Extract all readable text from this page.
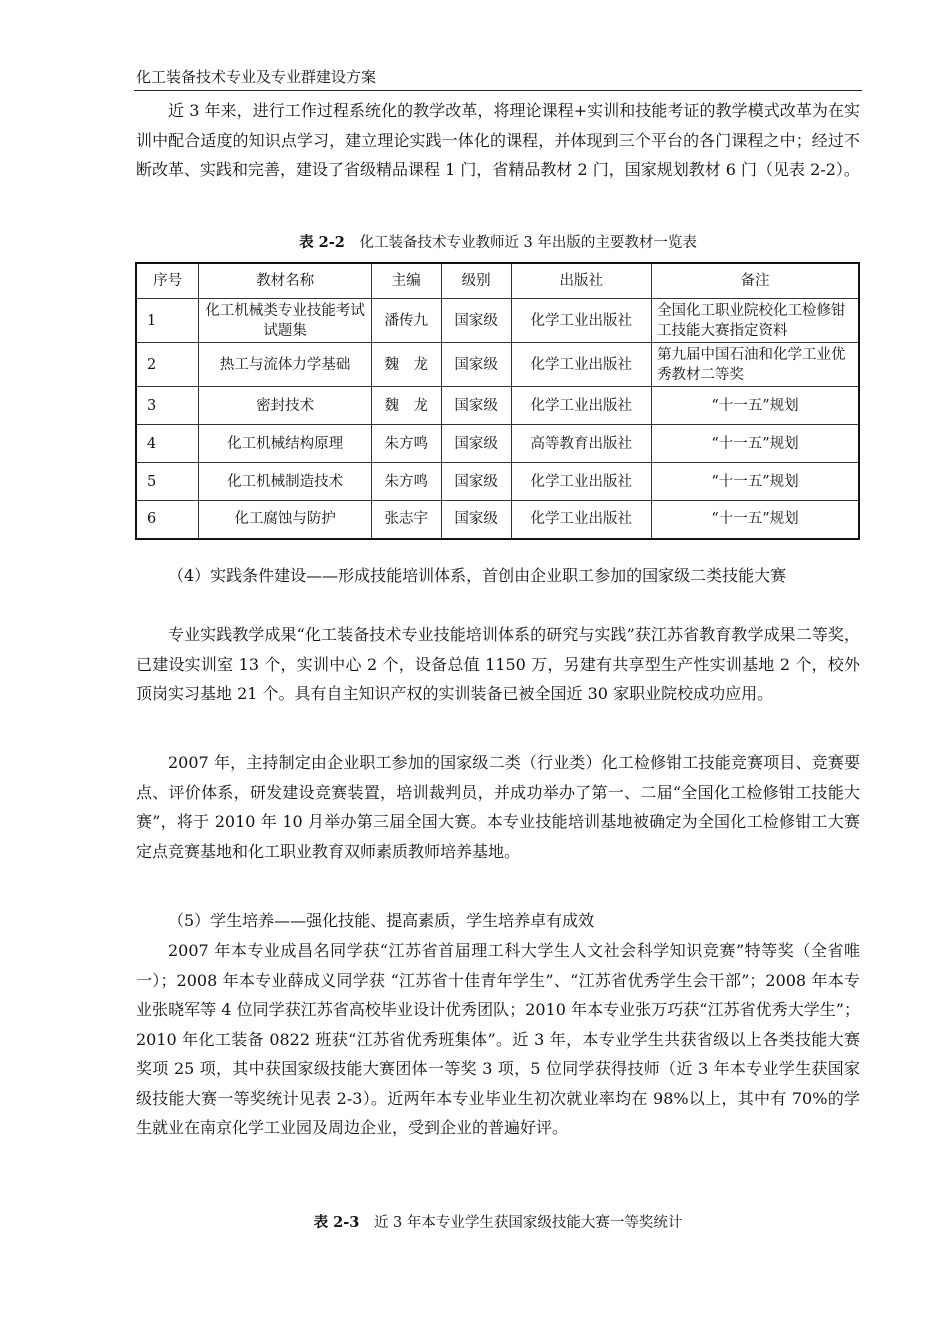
化工装备技术专业及专业群建设方案

近 3 年来，进行工作过程系统化的教学改革，将理论课程+实训和技能考证的教学模式改革为在实训中配合适度的知识点学习，建立理论实践一体化的课程，并体现到三个平台的各门课程之中；经过不断改革、实践和完善，建设了省级精品课程 1 门，省精品教材 2 门，国家规划教材 6 门（见表 2-2）。

表 2-2 化工装备技术专业教师近 3 年出版的主要教材一览表
序号	教材名称	主编	级别	出版社	备注
1	化工机械类专业技能考试试题集	潘传九	国家级	化学工业出版社	全国化工职业院校化工检修钳工技能大赛指定资料
2	热工与流体力学基础	魏　龙	国家级	化学工业出版社	第九届中国石油和化学工业优秀教材二等奖
3	密封技术	魏　龙	国家级	化学工业出版社	“十一五”规划
4	化工机械结构原理	朱方鸣	国家级	高等教育出版社	“十一五”规划
5	化工机械制造技术	朱方鸣	国家级	化学工业出版社	“十一五”规划
6	化工腐蚀与防护	张志宇	国家级	化学工业出版社	“十一五”规划

（4）实践条件建设——形成技能培训体系，首创由企业职工参加的国家级二类技能大赛

专业实践教学成果“化工装备技术专业技能培训体系的研究与实践”获江苏省教育教学成果二等奖，已建设实训室 13 个，实训中心 2 个，设备总值 1150 万，另建有共享型生产性实训基地 2 个，校外顶岗实习基地 21 个。具有自主知识产权的实训装备已被全国近 30 家职业院校成功应用。

2007 年，主持制定由企业职工参加的国家级二类（行业类）化工检修钳工技能竞赛项目、竞赛要点、评价体系，研发建设竞赛装置，培训裁判员，并成功举办了第一、二届“全国化工检修钳工技能大赛”，将于 2010 年 10 月举办第三届全国大赛。本专业技能培训基地被确定为全国化工检修钳工大赛定点竞赛基地和化工职业教育双师素质教师培养基地。

（5）学生培养——强化技能、提高素质，学生培养卓有成效

2007 年本专业成昌名同学获“江苏省首届理工科大学生人文社会科学知识竞赛”特等奖（全省唯一）；2008 年本专业薛成义同学获 “江苏省十佳青年学生”、“江苏省优秀学生会干部”；2008 年本专业张晓军等 4 位同学获江苏省高校毕业设计优秀团队；2010 年本专业张万巧获“江苏省优秀大学生”；2010 年化工装备 0822 班获“江苏省优秀班集体”。近 3 年，本专业学生共获省级以上各类技能大赛奖项 25 项，其中获国家级技能大赛团体一等奖 3 项，5 位同学获得技师（近 3 年本专业学生获国家级技能大赛一等奖统计见表 2-3）。近两年本专业毕业生初次就业率均在 98%以上，其中有 70%的学生就业在南京化学工业园及周边企业，受到企业的普遍好评。

表 2-3 近 3 年本专业学生获国家级技能大赛一等奖统计
